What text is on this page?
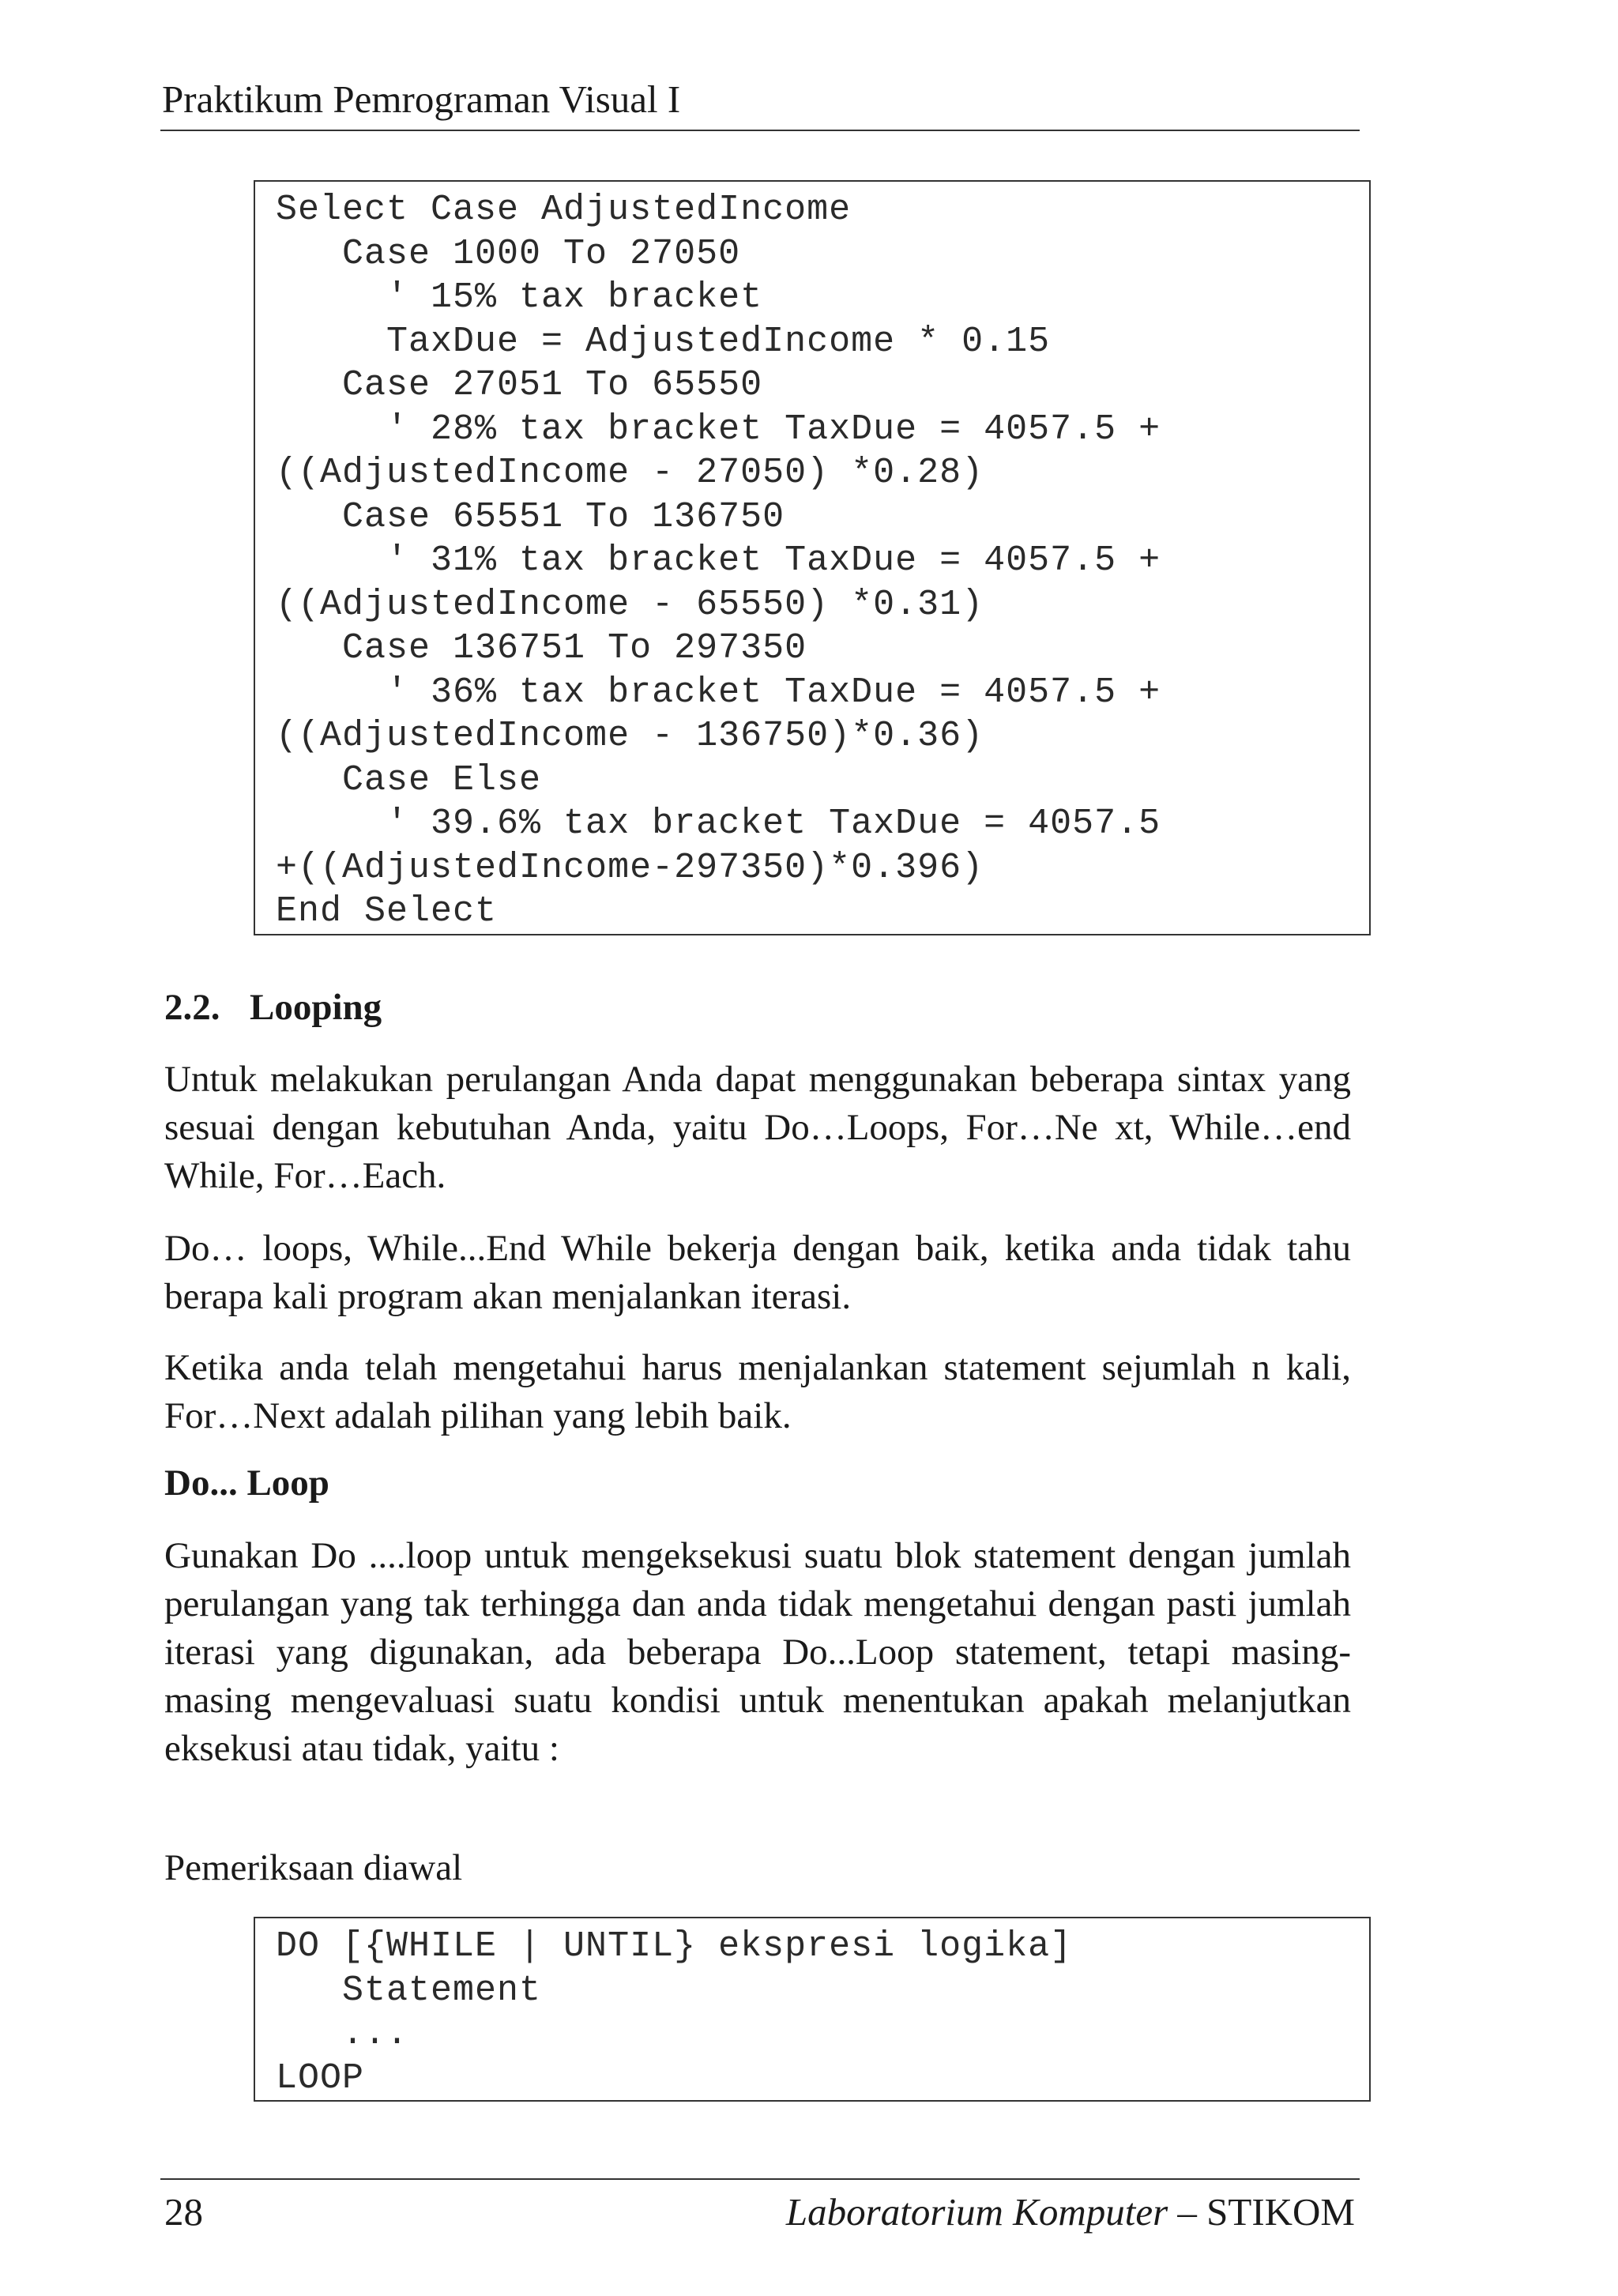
Praktikum Pemrograman Visual I
Select Case AdjustedIncome
Case 1000 To 27050
' 15% tax bracket
TaxDue = AdjustedIncome * 0.15
Case 27051 To 65550
' 28% tax bracket TaxDue = 4057.5 +
((AdjustedIncome - 27050) *0.28)
Case 65551 To 136750
' 31% tax bracket TaxDue = 4057.5 +
((AdjustedIncome - 65550) *0.31)
Case 136751 To 297350
' 36% tax bracket TaxDue = 4057.5 +
((AdjustedIncome - 136750)*0.36)
Case Else
' 39.6% tax bracket TaxDue = 4057.5
+((AdjustedIncome-297350)*0.396)
End Select
2.2. Looping

Untuk melakukan perulangan Anda dapat menggunakan beberapa sintax yang sesuai dengan kebutuhan Anda, yaitu Do…Loops, For…Ne xt, While…end While, For…Each.

Do… loops, While...End While bekerja dengan baik, ketika anda tidak tahu berapa kali program akan menjalankan iterasi.

Ketika anda telah mengetahui harus menjalankan statement sejumlah n kali, For…Next adalah pilihan yang lebih baik.

Do... Loop

Gunakan Do ....loop untuk mengeksekusi suatu blok statement dengan jumlah perulangan yang tak terhingga dan anda tidak mengetahui dengan pasti jumlah iterasi yang digunakan, ada beberapa Do...Loop statement, tetapi masing-masing mengevaluasi suatu kondisi untuk menentukan apakah melanjutkan eksekusi atau tidak, yaitu :

Pemeriksaan diawal

DO [{WHILE | UNTIL} ekspresi logika]
Statement
...
LOOP
28	Laboratorium Komputer – STIKOM
